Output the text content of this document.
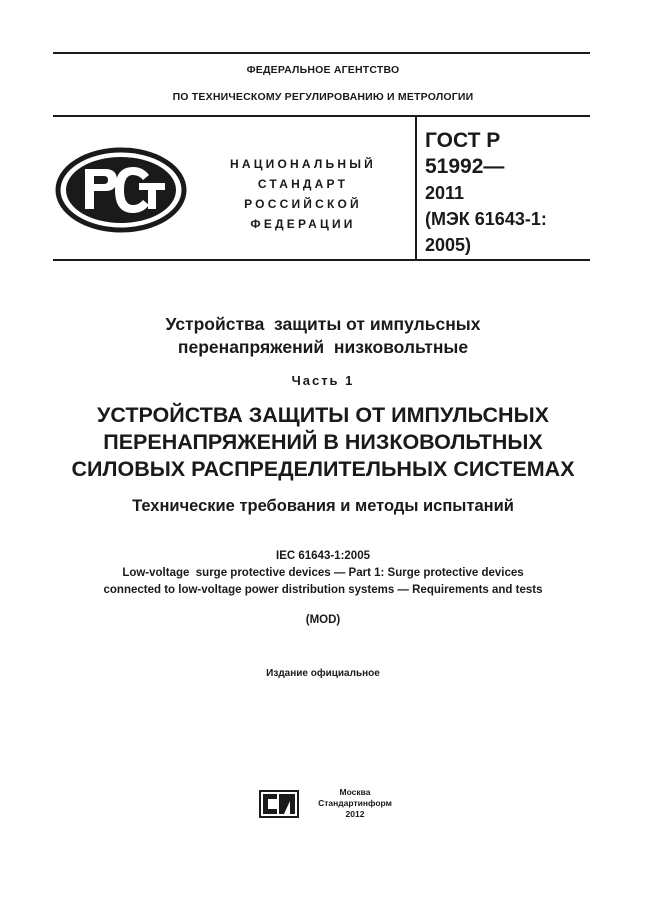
ФЕДЕРАЛЬНОЕ АГЕНТСТВО
ПО ТЕХНИЧЕСКОМУ РЕГУЛИРОВАНИЮ И МЕТРОЛОГИИ
НАЦИОНАЛЬНЫЙ
СТАНДАРТ
РОССИЙСКОЙ
ФЕДЕРАЦИИ
ГОСТ Р
51992—
2011
(МЭК 61643-1:
2005)
Устройства  защиты от импульсных
перенапряжений  низковольтные
Часть 1
УСТРОЙСТВА ЗАЩИТЫ ОТ ИМПУЛЬСНЫХ
ПЕРЕНАПРЯЖЕНИЙ В НИЗКОВОЛЬТНЫХ
СИЛОВЫХ РАСПРЕДЕЛИТЕЛЬНЫХ СИСТЕМАХ
Технические требования и методы испытаний
IEC 61643-1:2005
Low-voltage  surge protective devices — Part 1: Surge protective devices
connected to low-voltage power distribution systems — Requirements and tests
(MOD)
Издание официальное
Москва
Стандартинформ
2012
